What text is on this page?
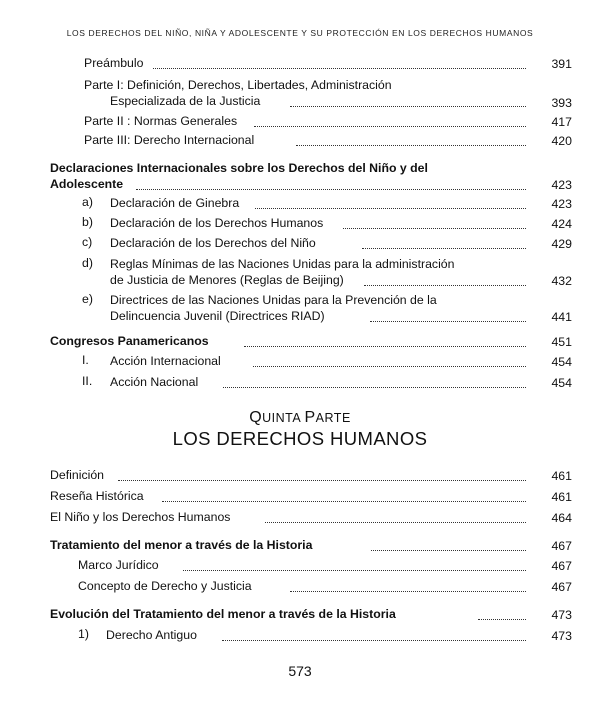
LOS DERECHOS DEL NIÑO, NIÑA Y ADOLESCENTE Y SU PROTECCIÓN EN LOS DERECHOS HUMANOS
Preámbulo	391
Parte I: Definición, Derechos, Libertades, Administración
Especializada de la Justicia	393
Parte II : Normas Generales	417
Parte III: Derecho Internacional	420
Declaraciones Internacionales sobre los Derechos del Niño y del
Adolescente	423
a) Declaración de Ginebra	423
b) Declaración de los Derechos Humanos	424
c) Declaración de los Derechos del Niño	429
d) Reglas Mínimas de las Naciones Unidas para la administración
de Justicia de Menores (Reglas de Beijing)	432
e) Directrices de las Naciones Unidas para la Prevención de la
Delincuencia Juvenil (Directrices RIAD)	441
Congresos Panamericanos	451
I. Acción Internacional	454
II. Acción Nacional	454
QUINTA PARTE
LOS DERECHOS HUMANOS
Definición	461
Reseña Histórica	461
El Niño y los Derechos Humanos	464
Tratamiento del menor a través de la Historia	467
Marco Jurídico	467
Concepto de Derecho y Justicia	467
Evolución del Tratamiento del menor a través de la Historia	473
1) Derecho Antiguo	473
573
